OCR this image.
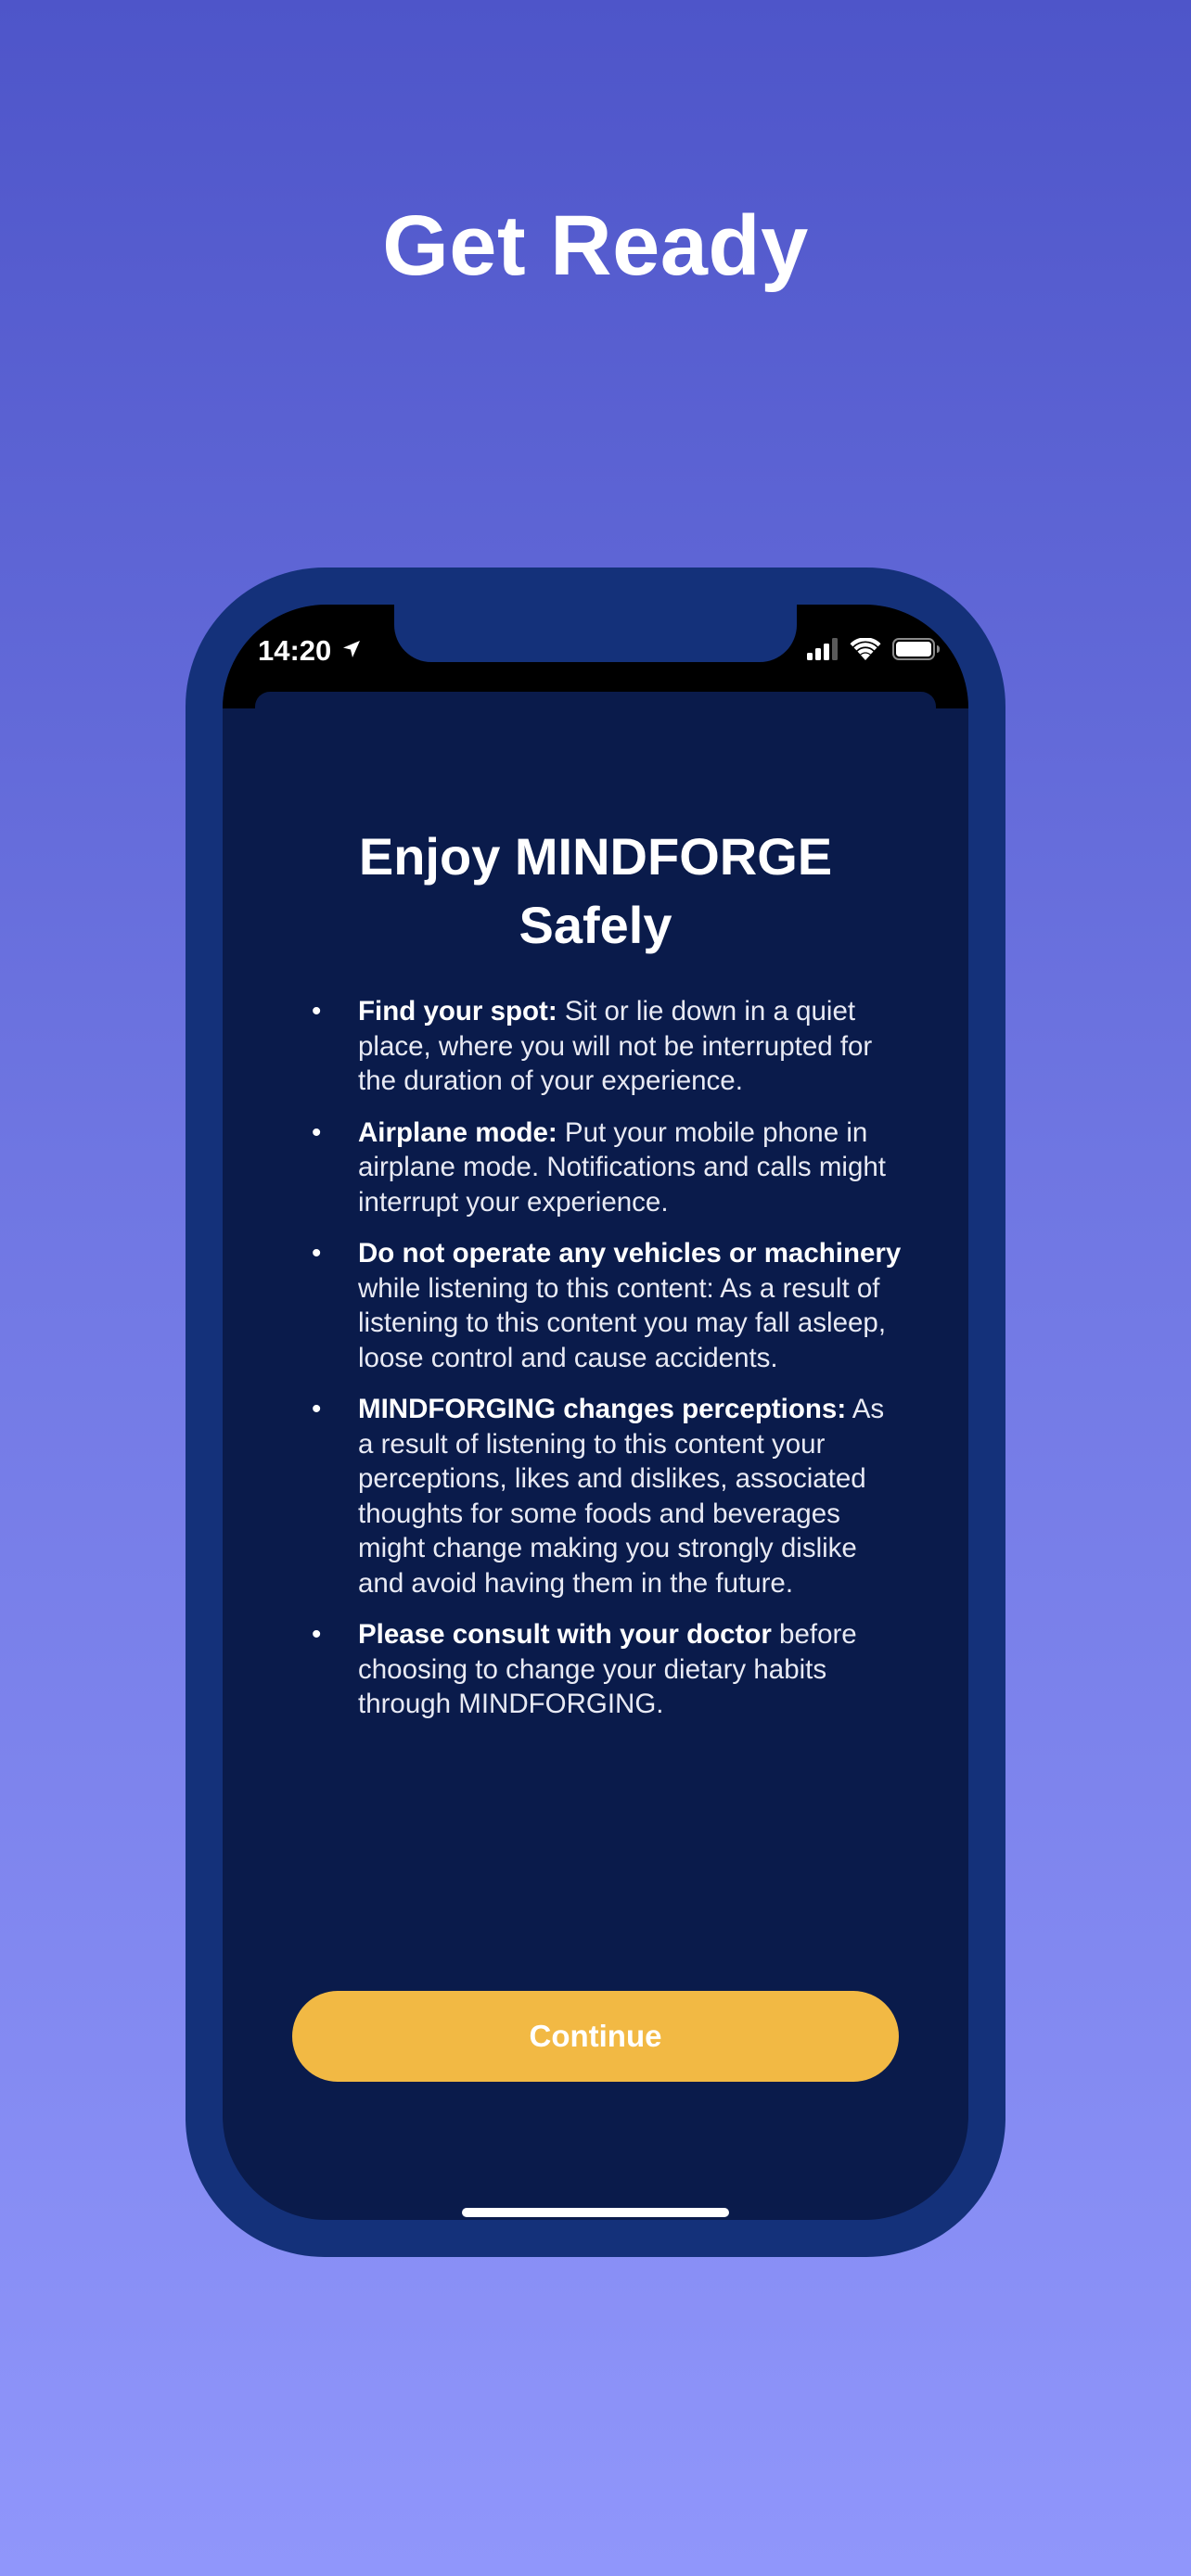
Get Ready
14:20
Enjoy MINDFORGE
Safely
•	Find your spot: Sit or lie down in a quiet place, where you will not be interrupted for the duration of your experience.
•	Airplane mode: Put your mobile phone in airplane mode. Notifications and calls might interrupt your experience.
•	Do not operate any vehicles or machinery while listening to this content: As a result of listening to this content you may fall asleep, loose control and cause accidents.
•	MINDFORGING changes perceptions: As a result of listening to this content your perceptions, likes and dislikes, associated thoughts for some foods and beverages might change making you strongly dislike and avoid having them in the future.
•	Please consult with your doctor before choosing to change your dietary habits through MINDFORGING.
Continue
